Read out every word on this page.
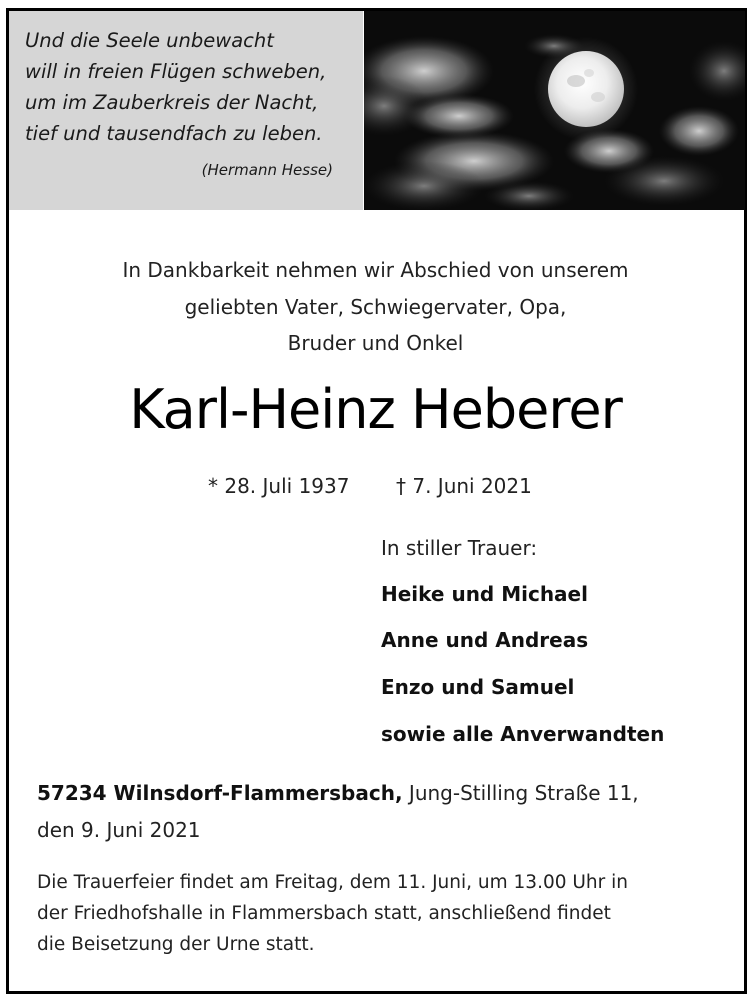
Und die Seele unbewacht
will in freien Flügen schweben,
um im Zauberkreis der Nacht,
tief und tausendfach zu leben.
(Hermann Hesse)
In Dankbarkeit nehmen wir Abschied von unserem
geliebten Vater, Schwiegervater, Opa,
Bruder und Onkel
Karl-Heinz Heberer
* 28. Juli 1937 † 7. Juni 2021
In stiller Trauer:
Heike und Michael
Anne und Andreas
Enzo und Samuel
sowie alle Anverwandten
57234 Wilnsdorf-Flammersbach, Jung-Stilling Straße 11,
den 9. Juni 2021
Die Trauerfeier findet am Freitag, dem 11. Juni, um 13.00 Uhr in
der Friedhofshalle in Flammersbach statt, anschließend findet
die Beisetzung der Urne statt.
